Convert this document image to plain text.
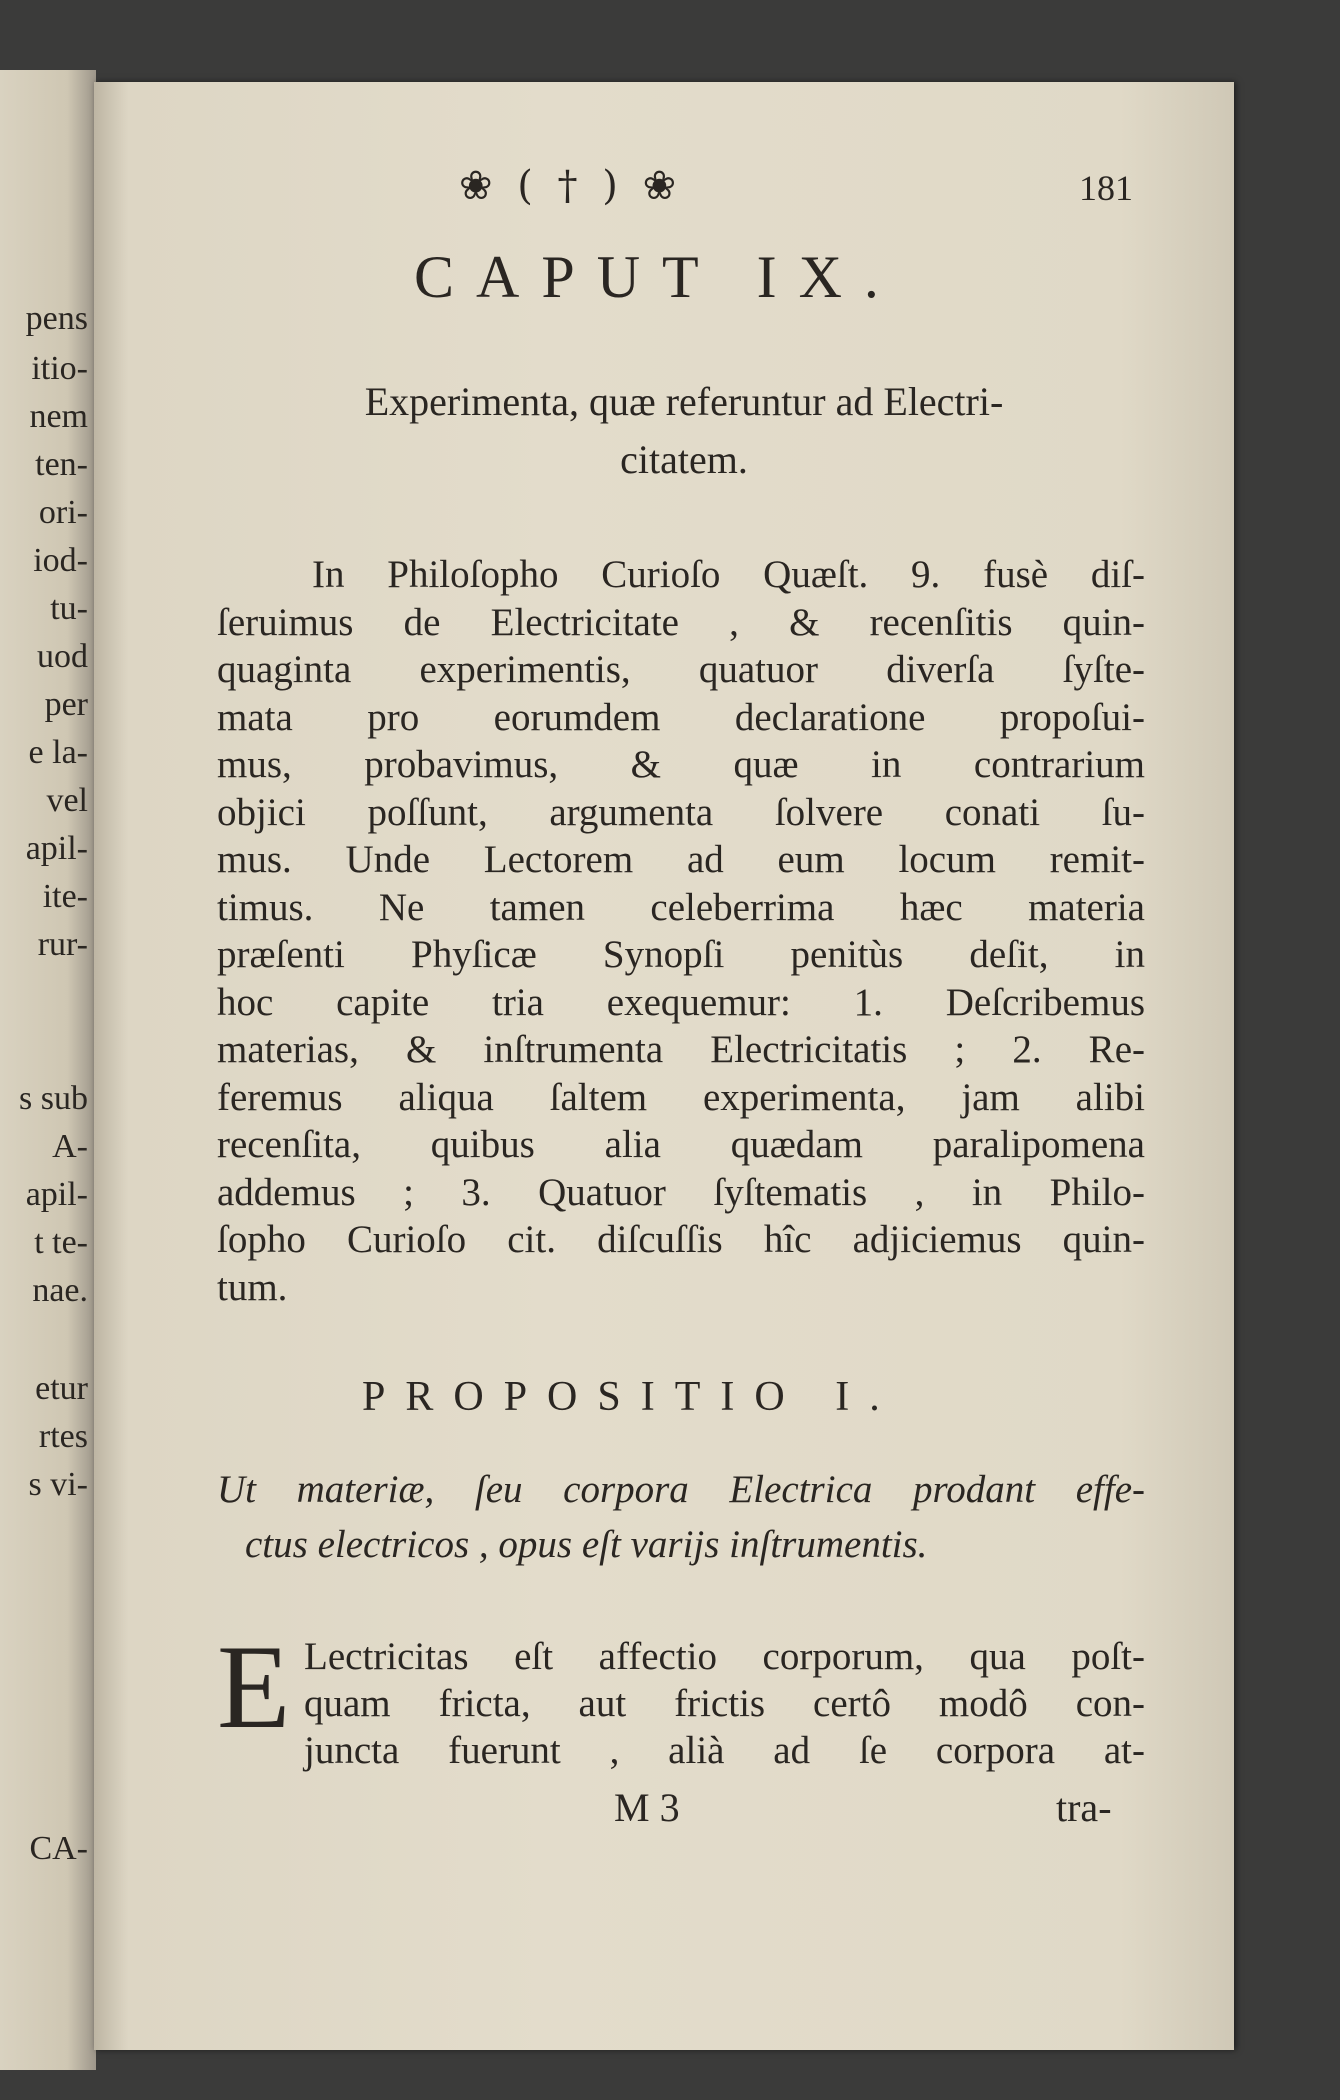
pens
itio-
nem
ten-
ori-
iod-
tu-
uod
per
e la-
vel
apil-
ite-
rur-
s sub
A-
apil-
t te-
nae.
etur
rtes
s vi-
CA-
❀ ( † ) ❀	181
CAPUT IX.
Experimenta, quæ referuntur ad Electri-
citatem.
In Philoſopho Curioſo Quæſt. 9. fusè diſ-
ſeruimus de Electricitate , & recenſitis quin-
quaginta experimentis, quatuor diverſa ſyſte-
mata pro eorumdem declaratione propoſui-
mus, probavimus, & quæ in contrarium
objici poſſunt, argumenta ſolvere conati ſu-
mus. Unde Lectorem ad eum locum remit-
timus. Ne tamen celeberrima hæc materia
præſenti Phyſicæ Synopſi penitùs deſit, in
hoc capite tria exequemur: 1. Deſcribemus
materias, & inſtrumenta Electricitatis ; 2. Re-
feremus aliqua ſaltem experimenta, jam alibi
recenſita, quibus alia quædam paralipomena
addemus ; 3. Quatuor ſyſtematis , in Philo-
ſopho Curioſo cit. diſcuſſis hîc adjiciemus quin-
tum.
PROPOSITIO I.
Ut materiæ, ſeu corpora Electrica prodant effe-
ctus electricos , opus eſt varijs inſtrumentis.
E Lectricitas eſt affectio corporum, qua poſt-
quam fricta, aut frictis certô modô con-
juncta fuerunt , alià ad ſe corpora at-
M 3	tra-
